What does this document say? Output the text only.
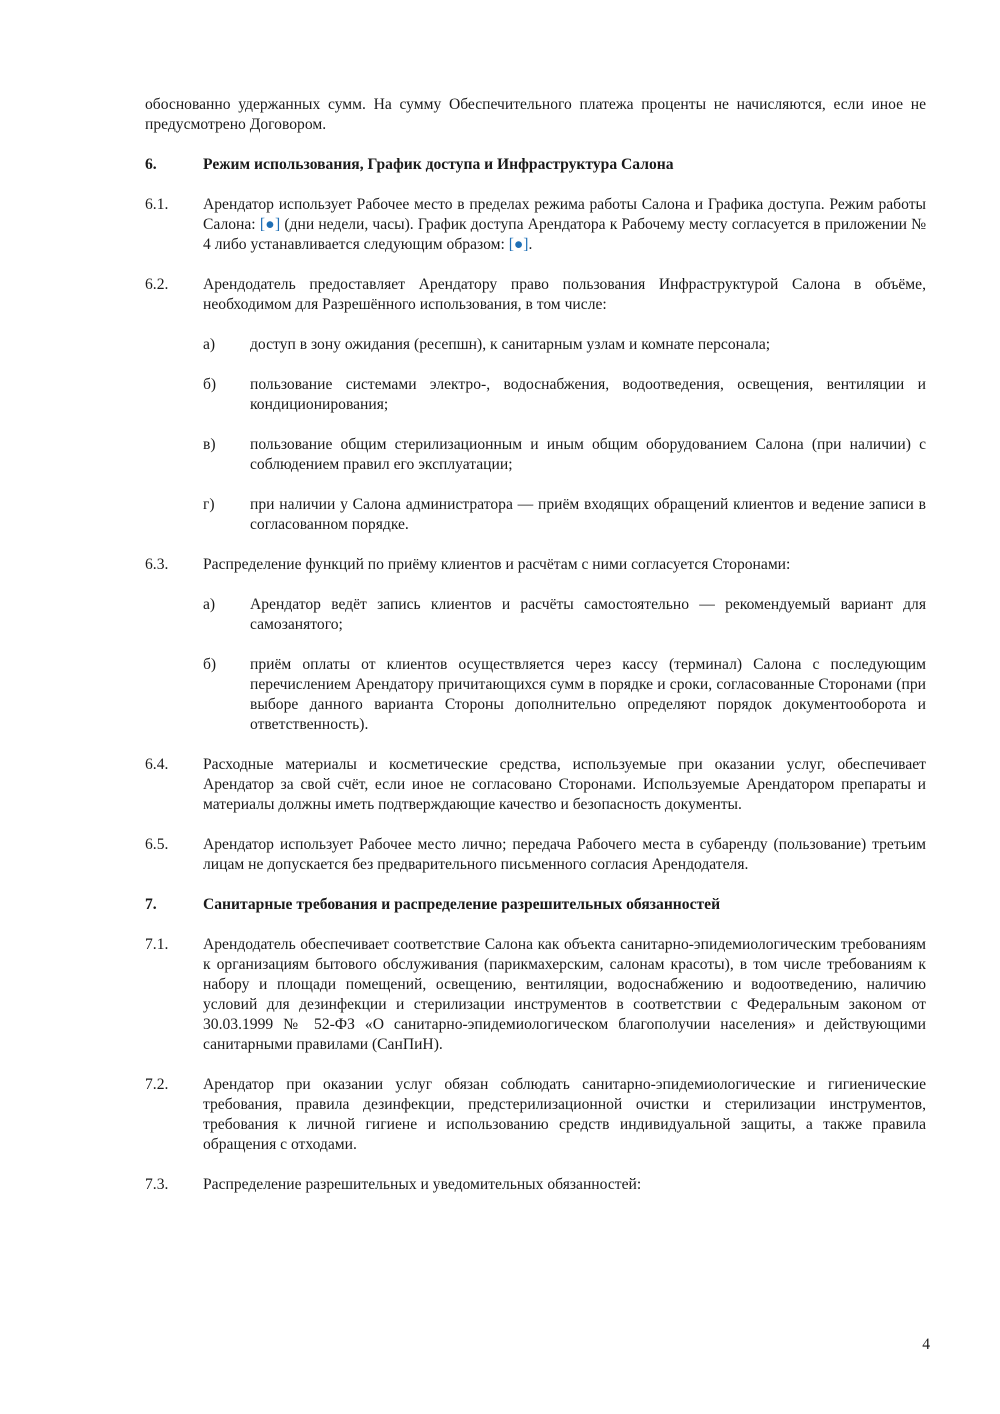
обоснованно удержанных сумм. На сумму Обеспечительного платежа проценты не начисляются, если иное не предусмотрено Договором.

6.	Режим использования, График доступа и Инфраструктура Салона
6.1.	Арендатор использует Рабочее место в пределах режима работы Салона и Графика доступа. Режим работы Салона: [●] (дни недели, часы). График доступа Арендатора к Рабочему месту согласуется в приложении № 4 либо устанавливается следующим образом: [●].
6.2.	Арендодатель предоставляет Арендатору право пользования Инфраструктурой Салона в объёме, необходимом для Разрешённого использования, в том числе:
а)	доступ в зону ожидания (ресепшн), к санитарным узлам и комнате персонала;
б)	пользование системами электро-, водоснабжения, водоотведения, освещения, вентиляции и кондиционирования;
в)	пользование общим стерилизационным и иным общим оборудованием Салона (при наличии) с соблюдением правил его эксплуатации;
г)	при наличии у Салона администратора — приём входящих обращений клиентов и ведение записи в согласованном порядке.
6.3.	Распределение функций по приёму клиентов и расчётам с ними согласуется Сторонами:
а)	Арендатор ведёт запись клиентов и расчёты самостоятельно — рекомендуемый вариант для самозанятого;
б)	приём оплаты от клиентов осуществляется через кассу (терминал) Салона с последующим перечислением Арендатору причитающихся сумм в порядке и сроки, согласованные Сторонами (при выборе данного варианта Стороны дополнительно определяют порядок документооборота и ответственность).
6.4.	Расходные материалы и косметические средства, используемые при оказании услуг, обеспечивает Арендатор за свой счёт, если иное не согласовано Сторонами. Используемые Арендатором препараты и материалы должны иметь подтверждающие качество и безопасность документы.
6.5.	Арендатор использует Рабочее место лично; передача Рабочего места в субаренду (пользование) третьим лицам не допускается без предварительного письменного согласия Арендодателя.
7.	Санитарные требования и распределение разрешительных обязанностей
7.1.	Арендодатель обеспечивает соответствие Салона как объекта санитарно-эпидемиологическим требованиям к организациям бытового обслуживания (парикмахерским, салонам красоты), в том числе требованиям к набору и площади помещений, освещению, вентиляции, водоснабжению и водоотведению, наличию условий для дезинфекции и стерилизации инструментов в соответствии с Федеральным законом от 30.03.1999 № 52-ФЗ «О санитарно-эпидемиологическом благополучии населения» и действующими санитарными правилами (СанПиН).
7.2.	Арендатор при оказании услуг обязан соблюдать санитарно-эпидемиологические и гигиенические требования, правила дезинфекции, предстерилизационной очистки и стерилизации инструментов, требования к личной гигиене и использованию средств индивидуальной защиты, а также правила обращения с отходами.
7.3.	Распределение разрешительных и уведомительных обязанностей:
4
